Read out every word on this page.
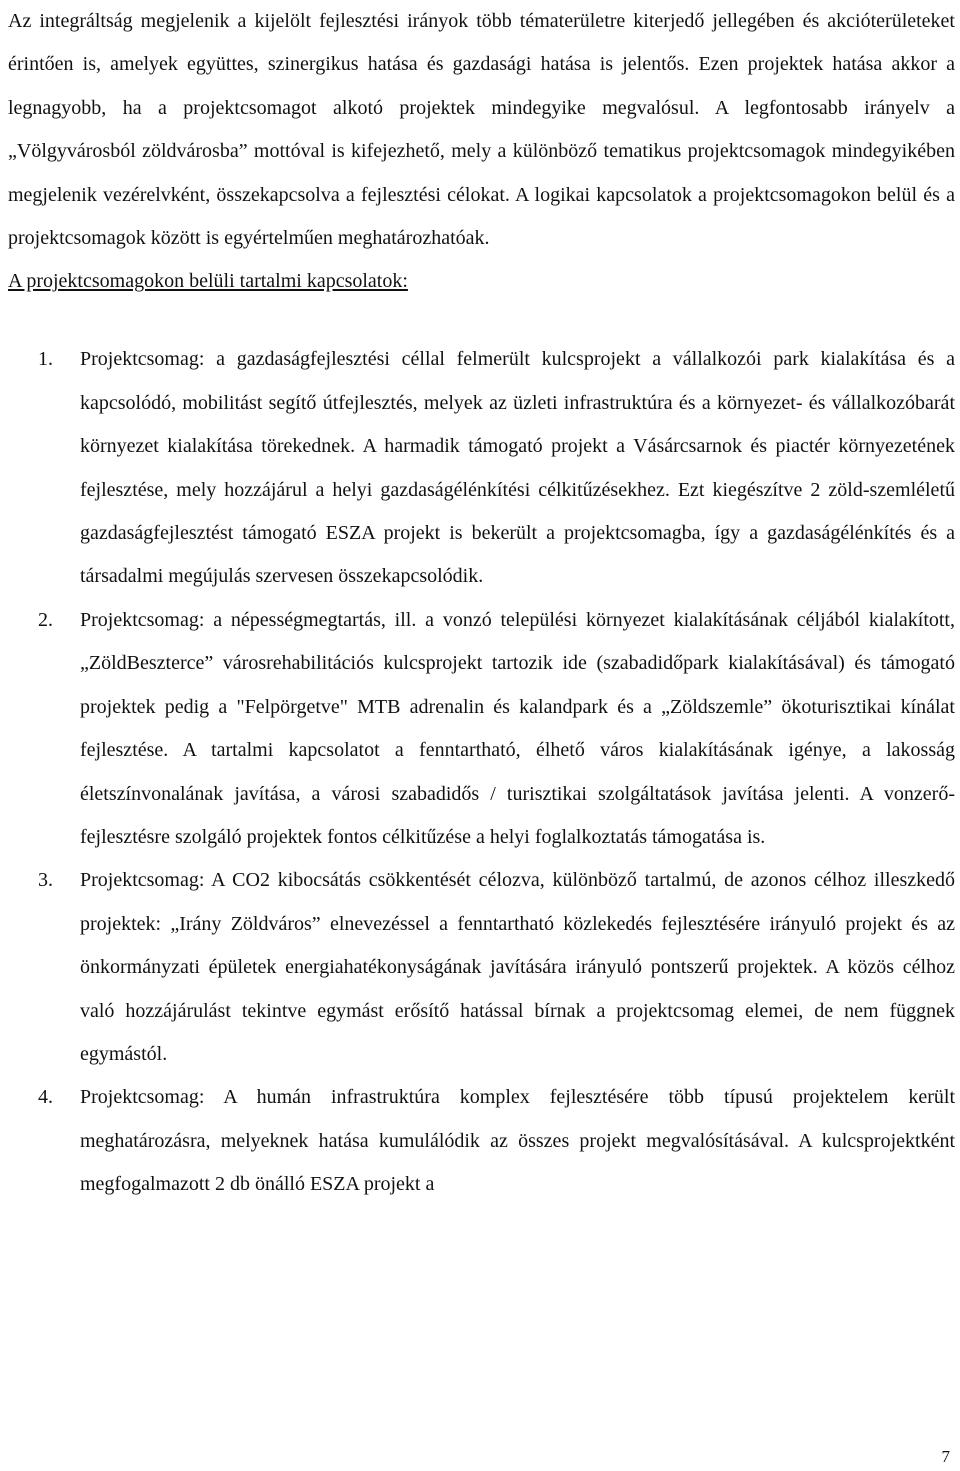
Az integráltság megjelenik a kijelölt fejlesztési irányok több tématerületre kiterjedő jellegében és akcióterületeket érintően is, amelyek együttes, szinergikus hatása és gazdasági hatása is jelentős. Ezen projektek hatása akkor a legnagyobb, ha a projektcsomagot alkotó projektek mindegyike megvalósul. A legfontosabb irányelv a „Völgyvárosból zöldvárosba” mottóval is kifejezhető, mely a különböző tematikus projektcsomagok mindegyikében megjelenik vezérelvként, összekapcsolva a fejlesztési célokat. A logikai kapcsolatok a projektcsomagokon belül és a projektcsomagok között is egyértelműen meghatározhatóak.

A projektcsomagokon belüli tartalmi kapcsolatok:

1. Projektcsomag: a gazdaságfejlesztési céllal felmerült kulcsprojekt a vállalkozói park kialakítása és a kapcsolódó, mobilitást segítő útfejlesztés, melyek az üzleti infrastruktúra és a környezet- és vállalkozóbarát környezet kialakítása törekednek. A harmadik támogató projekt a Vásárcsarnok és piactér környezetének fejlesztése, mely hozzájárul a helyi gazdaságélénkítési célkitűzésekhez. Ezt kiegészítve 2 zöld-szemléletű gazdaságfejlesztést támogató ESZA projekt is bekerült a projektcsomagba, így a gazdaságélénkítés és a társadalmi megújulás szervesen összekapcsolódik.
2. Projektcsomag: a népességmegtartás, ill. a vonzó települési környezet kialakításának céljából kialakított, „ZöldBeszterce” városrehabilitációs kulcsprojekt tartozik ide (szabadidőpark kialakításával) és támogató projektek pedig a "Felpörgetve" MTB adrenalin és kalandpark és a „Zöldszemle” ökoturisztikai kínálat fejlesztése. A tartalmi kapcsolatot a fenntartható, élhető város kialakításának igénye, a lakosság életszínvonalának javítása, a városi szabadidős / turisztikai szolgáltatások javítása jelenti. A vonzerő-fejlesztésre szolgáló projektek fontos célkitűzése a helyi foglalkoztatás támogatása is.
3. Projektcsomag: A CO2 kibocsátás csökkentését célozva, különböző tartalmú, de azonos célhoz illeszkedő projektek: „Irány Zöldváros” elnevezéssel a fenntartható közlekedés fejlesztésére irányuló projekt és az önkormányzati épületek energiahatékonyságának javítására irányuló pontszerű projektek. A közös célhoz való hozzájárulást tekintve egymást erősítő hatással bírnak a projektcsomag elemei, de nem függnek egymástól.
4. Projektcsomag: A humán infrastruktúra komplex fejlesztésére több típusú projektelem került meghatározásra, melyeknek hatása kumulálódik az összes projekt megvalósításával. A kulcsprojektként megfogalmazott 2 db önálló ESZA projekt a
7
